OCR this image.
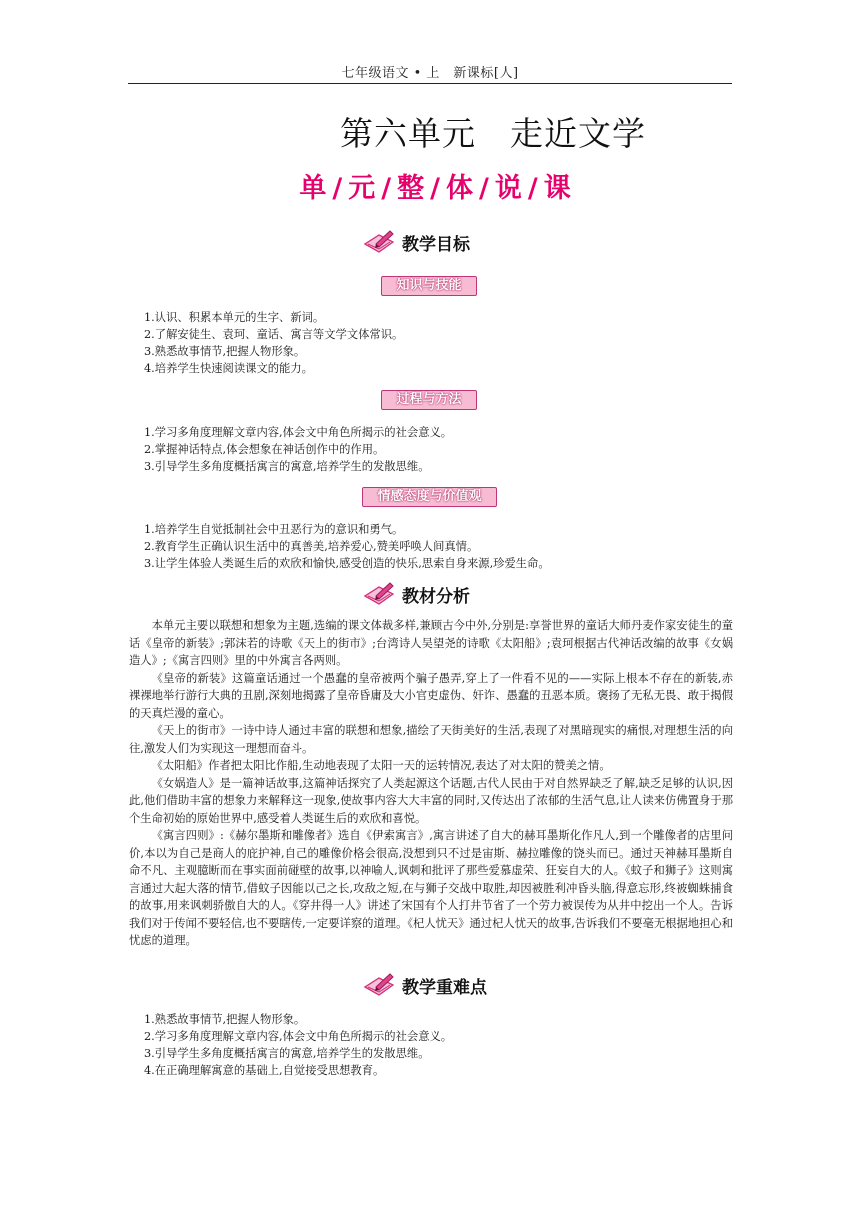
七年级语文 • 上　新课标[人]
第六单元 走近文学
单 / 元 / 整 / 体 / 说 / 课
教学目标
知识与技能
1.认识、积累本单元的生字、新词。
2.了解安徒生、袁珂、童话、寓言等文学文体常识。
3.熟悉故事情节,把握人物形象。
4.培养学生快速阅读课文的能力。
过程与方法
1.学习多角度理解文章内容,体会文中角色所揭示的社会意义。
2.掌握神话特点,体会想象在神话创作中的作用。
3.引导学生多角度概括寓言的寓意,培养学生的发散思维。
情感态度与价值观
1.培养学生自觉抵制社会中丑恶行为的意识和勇气。
2.教育学生正确认识生活中的真善美,培养爱心,赞美呼唤人间真情。
3.让学生体验人类诞生后的欢欣和愉快,感受创造的快乐,思索自身来源,珍爱生命。
教材分析

本单元主要以联想和想象为主题,选编的课文体裁多样,兼顾古今中外,分别是:享誉世界的童话大师丹麦作家安徒生的童话《皇帝的新装》;郭沫若的诗歌《天上的街市》;台湾诗人吴望尧的诗歌《太阳船》;袁珂根据古代神话改编的故事《女娲造人》;《寓言四则》里的中外寓言各两则。

《皇帝的新装》这篇童话通过一个愚蠢的皇帝被两个骗子愚弄,穿上了一件看不见的——实际上根本不存在的新装,赤裸裸地举行游行大典的丑剧,深刻地揭露了皇帝昏庸及大小官吏虚伪、奸诈、愚蠢的丑恶本质。褒扬了无私无畏、敢于揭假的天真烂漫的童心。

《天上的街市》一诗中诗人通过丰富的联想和想象,描绘了天街美好的生活,表现了对黑暗现实的痛恨,对理想生活的向往,激发人们为实现这一理想而奋斗。

《太阳船》作者把太阳比作船,生动地表现了太阳一天的运转情况,表达了对太阳的赞美之情。

《女娲造人》是一篇神话故事,这篇神话探究了人类起源这个话题,古代人民由于对自然界缺乏了解,缺乏足够的认识,因此,他们借助丰富的想象力来解释这一现象,使故事内容大大丰富的同时,又传达出了浓郁的生活气息,让人读来仿佛置身于那个生命初始的原始世界中,感受着人类诞生后的欢欣和喜悦。

《寓言四则》:《赫尔墨斯和雕像者》选自《伊索寓言》,寓言讲述了自大的赫耳墨斯化作凡人,到一个雕像者的店里问价,本以为自己是商人的庇护神,自己的雕像价格会很高,没想到只不过是宙斯、赫拉雕像的饶头而已。通过天神赫耳墨斯自命不凡、主观臆断而在事实面前碰壁的故事,以神喻人,讽刺和批评了那些爱慕虚荣、狂妄自大的人。《蚊子和狮子》这则寓言通过大起大落的情节,借蚊子因能以己之长,攻敌之短,在与狮子交战中取胜,却因被胜利冲昏头脑,得意忘形,终被蜘蛛捕食的故事,用来讽刺骄傲自大的人。《穿井得一人》讲述了宋国有个人打井节省了一个劳力被误传为从井中挖出一个人。告诉我们对于传闻不要轻信,也不要瞎传,一定要详察的道理。《杞人忧天》通过杞人忧天的故事,告诉我们不要毫无根据地担心和忧虑的道理。

教学重难点
1.熟悉故事情节,把握人物形象。
2.学习多角度理解文章内容,体会文中角色所揭示的社会意义。
3.引导学生多角度概括寓言的寓意,培养学生的发散思维。
4.在正确理解寓意的基础上,自觉接受思想教育。
